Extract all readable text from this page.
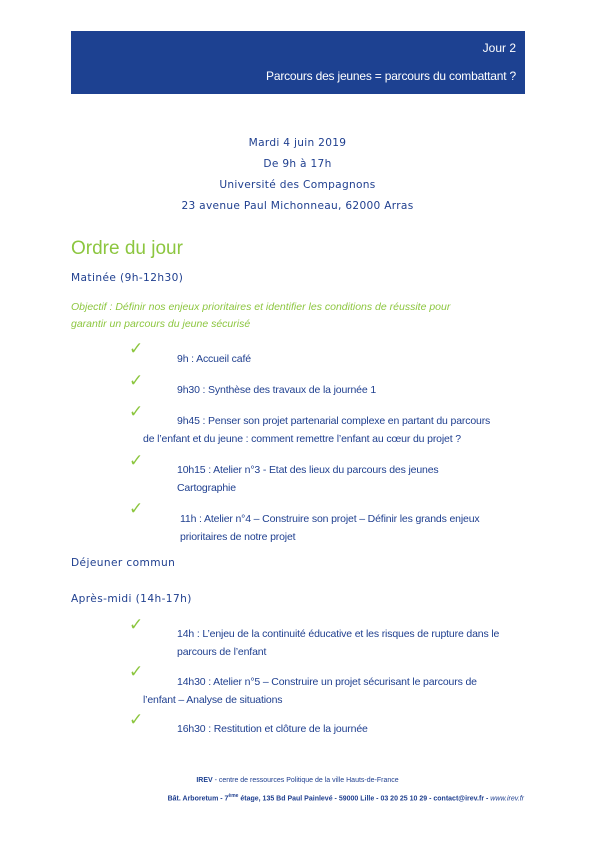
Jour 2
Parcours des jeunes = parcours du combattant ?
Mardi 4 juin 2019
De 9h à 17h
Université des Compagnons
23 avenue Paul Michonneau, 62000 Arras
Ordre du jour
Matinée (9h-12h30)
Objectif : Définir nos enjeux prioritaires et identifier les conditions de réussite pour
garantir un parcours du jeune sécurisé
✓	9h : Accueil café
✓	9h30 : Synthèse des travaux de la journée 1
✓	9h45 : Penser son projet partenarial complexe en partant du parcours
de l’enfant et du jeune : comment remettre l’enfant au cœur du projet ?
✓	10h15 : Atelier n°3 - Etat des lieux du parcours des jeunes
Cartographie
✓	11h : Atelier n°4 – Construire son projet – Définir les grands enjeux
prioritaires de notre projet
Déjeuner commun
Après-midi (14h-17h)
✓	14h : L’enjeu de la continuité éducative et les risques de rupture dans le
parcours de l’enfant
✓	14h30 : Atelier n°5 – Construire un projet sécurisant le parcours de
l’enfant – Analyse de situations
✓	16h30 : Restitution et clôture de la journée
IREV - centre de ressources Politique de la ville Hauts-de-France
Bât. Arboretum - 7ème étage, 135 Bd Paul Painlevé - 59000 Lille - 03 20 25 10 29 - contact@irev.fr - www.irev.fr
